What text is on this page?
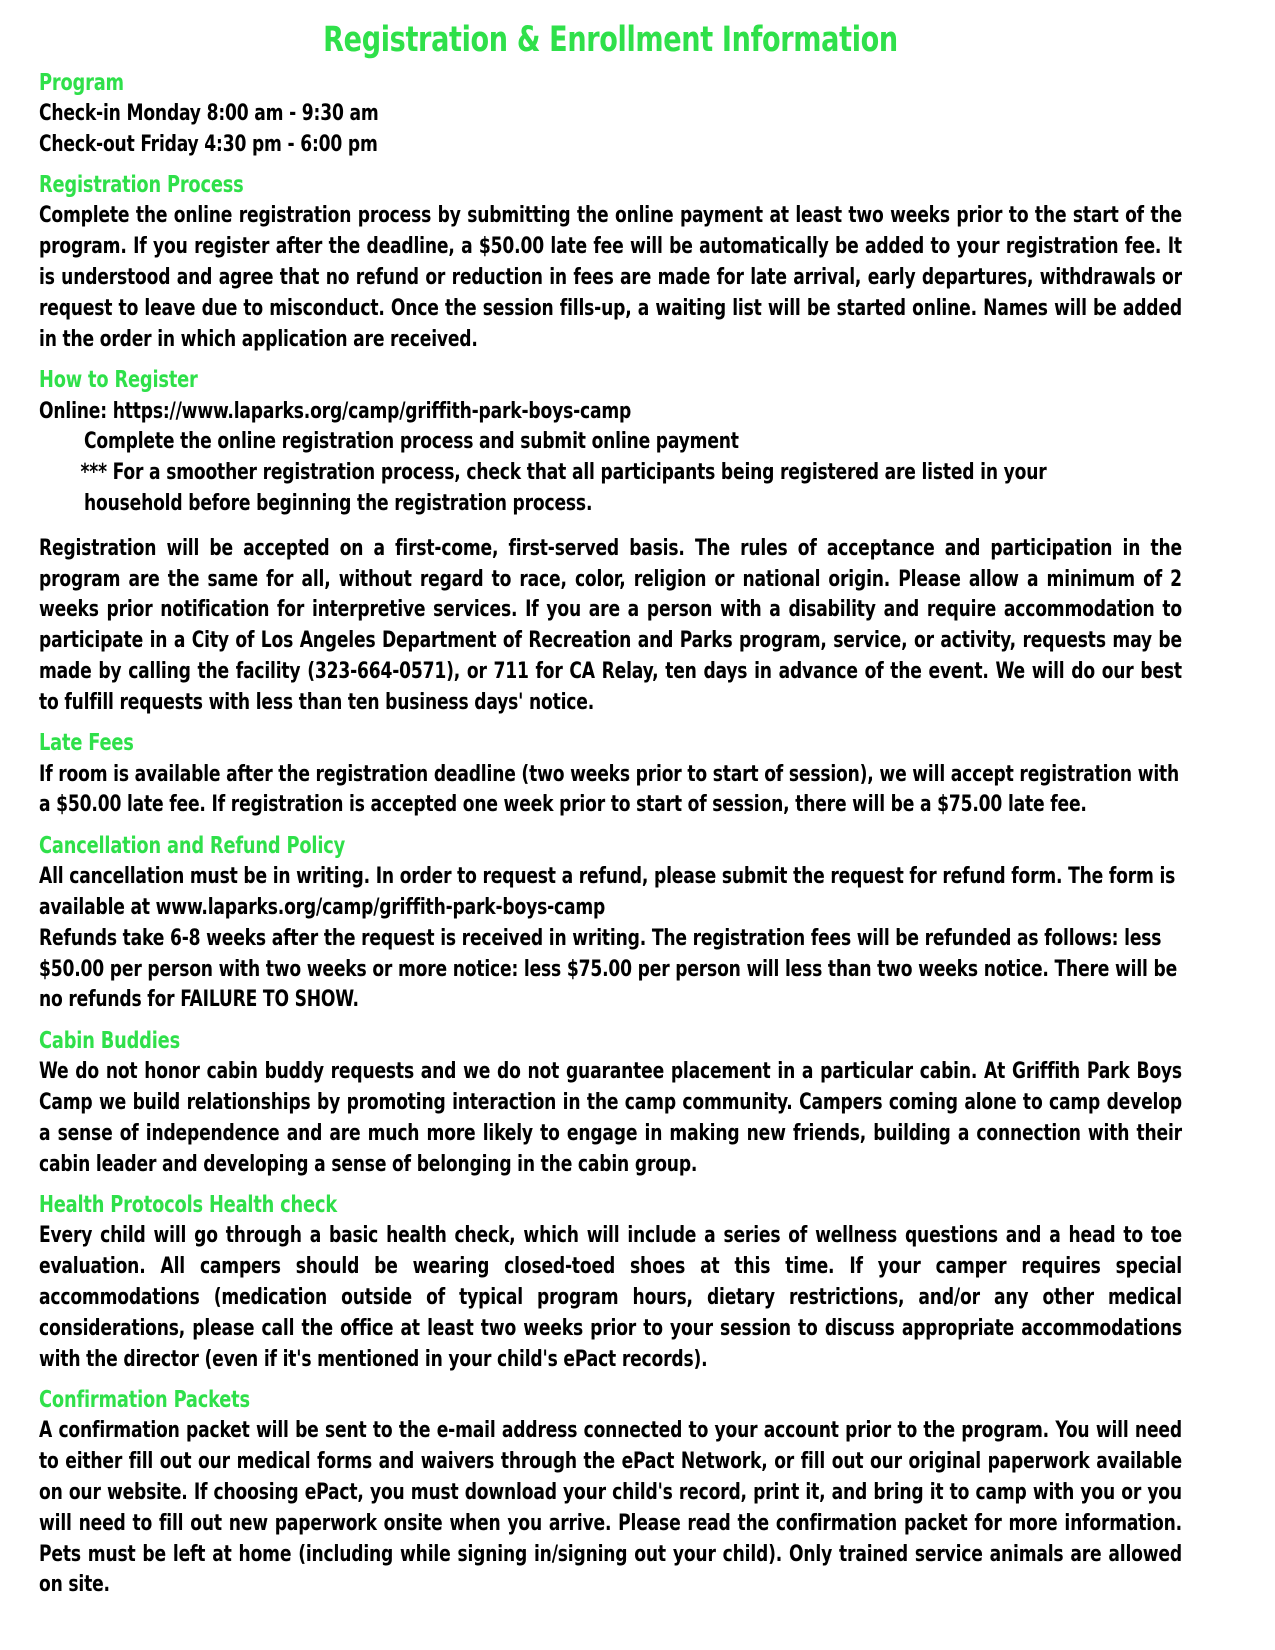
Registration & Enrollment Information
Program
Check-in Monday 8:00 am - 9:30 am
Check-out Friday 4:30 pm - 6:00 pm
Registration Process

Complete the online registration process by submitting the online payment at least two weeks prior to the start of the program. If you register after the deadline, a $50.00 late fee will be automatically be added to your registration fee. It is understood and agree that no refund or reduction in fees are made for late arrival, early departures, withdrawals or request to leave due to misconduct. Once the session fills-up, a waiting list will be started online. Names will be added in the order in which application are received.

How to Register
Online: https://www.laparks.org/camp/griffith-park-boys-camp
Complete the online registration process and submit online payment
*** For a smoother registration process, check that all participants being registered are listed in your
household before beginning the registration process.

Registration will be accepted on a first-come, first-served basis. The rules of acceptance and participation in the program are the same for all, without regard to race, color, religion or national origin. Please allow a minimum of 2 weeks prior notification for interpretive services. If you are a person with a disability and require accommodation to participate in a City of Los Angeles Department of Recreation and Parks program, service, or activity, requests may be made by calling the facility (323-664-0571), or 711 for CA Relay, ten days in advance of the event. We will do our best to fulfill requests with less than ten business days' notice.

Late Fees

If room is available after the registration deadline (two weeks prior to start of session), we will accept registration with a $50.00 late fee. If registration is accepted one week prior to start of session, there will be a $75.00 late fee.

Cancellation and Refund Policy

All cancellation must be in writing. In order to request a refund, please submit the request for refund form. The form is available at www.laparks.org/camp/griffith-park-boys-camp

Refunds take 6-8 weeks after the request is received in writing. The registration fees will be refunded as follows: less $50.00 per person with two weeks or more notice: less $75.00 per person will less than two weeks notice. There will be no refunds for FAILURE TO SHOW.

Cabin Buddies

We do not honor cabin buddy requests and we do not guarantee placement in a particular cabin. At Griffith Park Boys Camp we build relationships by promoting interaction in the camp community. Campers coming alone to camp develop a sense of independence and are much more likely to engage in making new friends, building a connection with their cabin leader and developing a sense of belonging in the cabin group.

Health Protocols Health check

Every child will go through a basic health check, which will include a series of wellness questions and a head to toe evaluation. All campers should be wearing closed-toed shoes at this time. If your camper requires special accommodations (medication outside of typical program hours, dietary restrictions, and/or any other medical considerations, please call the office at least two weeks prior to your session to discuss appropriate accommodations with the director (even if it's mentioned in your child's ePact records).

Confirmation Packets

A confirmation packet will be sent to the e-mail address connected to your account prior to the program. You will need to either fill out our medical forms and waivers through the ePact Network, or fill out our original paperwork available on our website. If choosing ePact, you must download your child's record, print it, and bring it to camp with you or you will need to fill out new paperwork onsite when you arrive. Please read the confirmation packet for more information. Pets must be left at home (including while signing in/signing out your child). Only trained service animals are allowed on site.
